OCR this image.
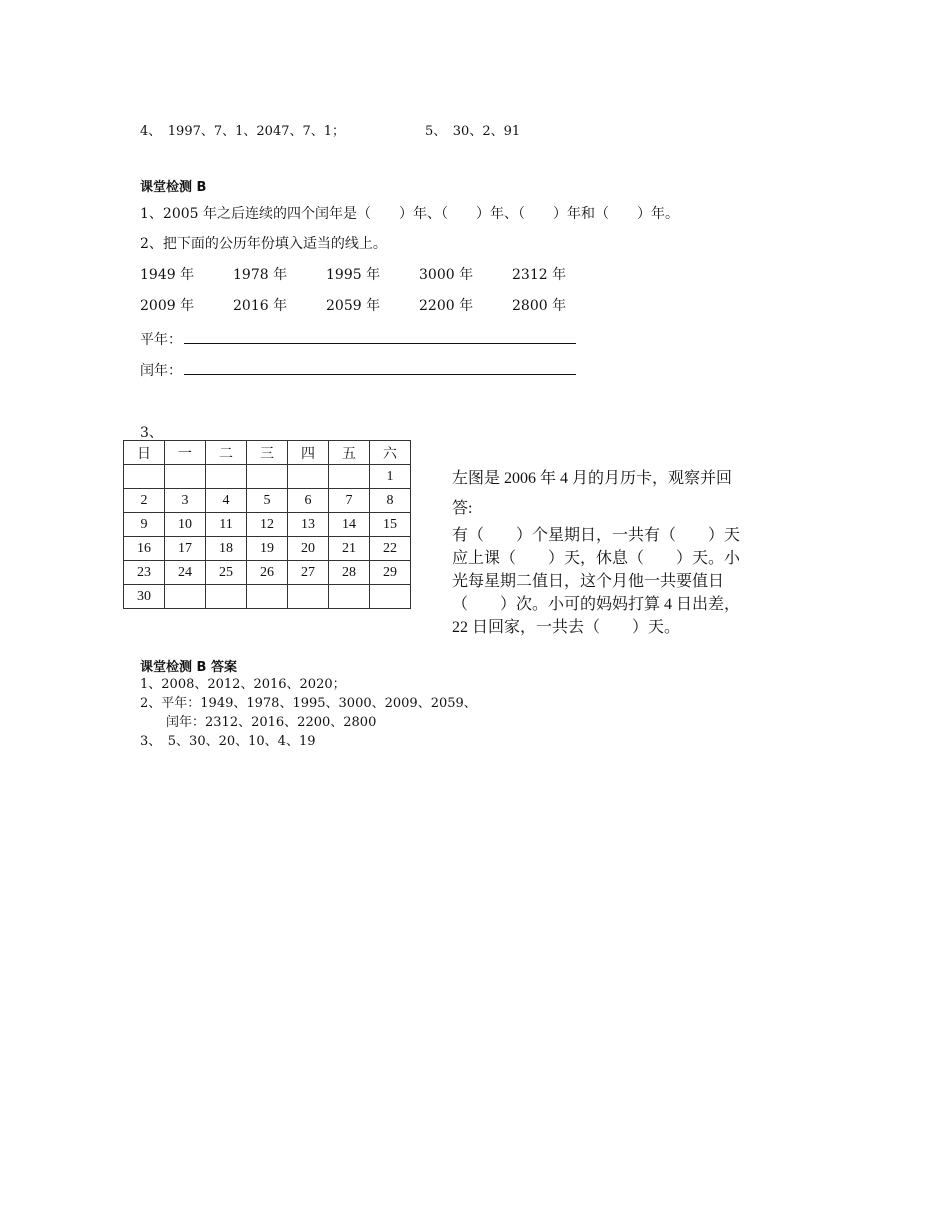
4、　1997、7、1、2047、7、1；	5、　30、2、91
课堂检测 B
1、2005 年之后连续的四个闰年是（　　）年、（　　）年、（　　）年和（　　）年。
2、把下面的公历年份填入适当的线上。
1949 年	1978 年	1995 年	3000 年	2312 年
2009 年	2016 年	2059 年	2200 年	2800 年
平年：
闰年：
3、
日	一	二	三	四	五	六
						1
2	3	4	5	6	7	8
9	10	11	12	13	14	15
16	17	18	19	20	21	22
23	24	25	26	27	28	29
30						
左图是 2006 年 4 月的月历卡，观察并回
答:
有（　　）个星期日，一共有（　　）天
应上课（　　）天，休息（　　）天。小
光每星期二值日，这个月他一共要值日
（　　）次。小可的妈妈打算 4 日出差，
22 日回家，一共去（　　）天。
课堂检测 B 答案
1、2008、2012、2016、2020；
2、平年：1949、1978、1995、3000、2009、2059、
闰年：2312、2016、2200、2800
3、　5、30、20、10、4、19
